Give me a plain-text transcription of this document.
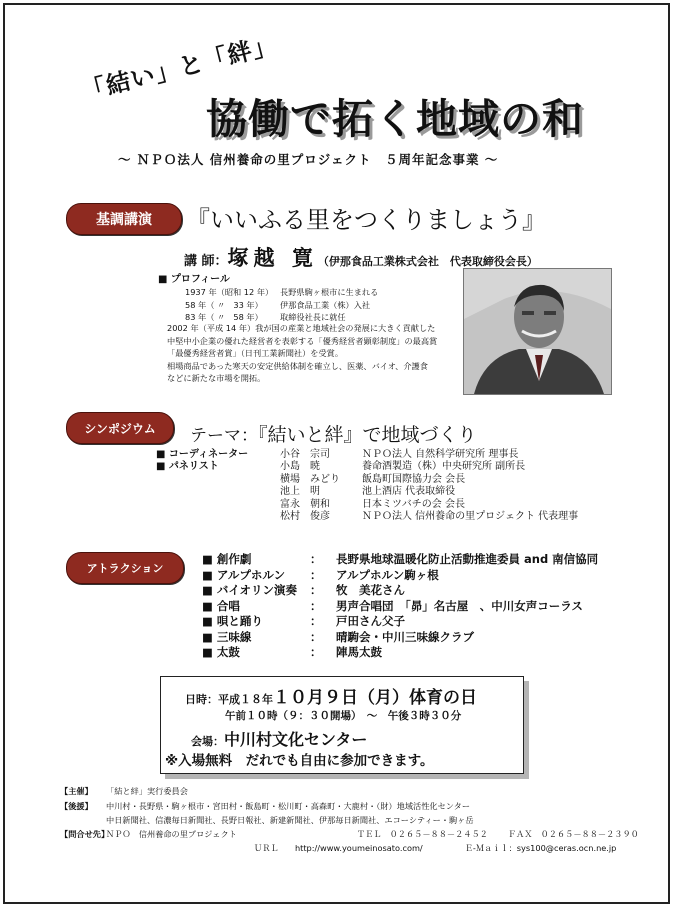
「結い」と「絆」
協働で拓く地域の和
～ ＮＰＯ法人 信州養命の里プロジェクト　５周年記念事業 ～
基調講演	『いいふる里をつくりましょう』
講 師：塚越 寛（伊那食品工業株式会社　代表取締役会長）
■ プロフィール
1937 年（昭和 12 年） 長野県駒ヶ根市に生まれる
58 年（ 〃　33 年）	伊那食品工業（株）入社
83 年（ 〃　58 年）	取締役社長に就任
2002 年（平成 14 年）我が国の産業と地域社会の発展に大きく貢献した
中堅中小企業の優れた経営者を表彰する「優秀経営者顕彰制度」の最高賞
「最優秀経営者賞」（日刊工業新聞社）を受賞。
相場商品であった寒天の安定供給体制を確立し、医薬、バイオ、介護食
などに新たな市場を開拓。
シンポジウム	テーマ：『結いと絆』で地域づくり
■ コーディネーター	小谷　宗司	ＮＰＯ法人 自然科学研究所 理事長
■ パネリスト	小島　暁	養命酒製造（株）中央研究所 副所長
横場　みどり	飯島町国際協力会 会長
池上　明	池上酒店 代表取締役
富永　朝和	日本ミツバチの会 会長
松村　俊彦	ＮＰＯ法人 信州養命の里プロジェクト 代表理事
アトラクション
■ 創作劇	：	長野県地球温暖化防止活動推進委員 and 南信協同
■ アルプホルン	：	アルプホルン駒ヶ根
■ バイオリン演奏	：	牧　美花さん
■ 合唱	：	男声合唱団　「昴」名古屋　、中川女声コーラス
■ 唄と踊り	：	戸田さん父子
■ 三味線	：	晴駒会・中川三味線クラブ
■ 太鼓	：	陣馬太鼓
日時：平成１８年１０月９日（月）体育の日
午前１０時（９：３０開場）　～　午後３時３０分
会場：中川村文化センター
※入場無料　だれでも自由に参加できます。
【主催】 「結と絆」実行委員会
【後援】 中川村・長野県・駒ヶ根市・宮田村・飯島町・松川町・高森町・大鹿村・（財）地域活性化センター
中日新聞社、信濃毎日新聞社、長野日報社、新建新聞社、伊那毎日新聞社、エコーシティー・駒ヶ岳
【問合せ先】ＮＰＯ　信州養命の里プロジェクト	ＴＥＬ　０２６５－８８－２４５２ ＦＡＸ　０２６５－８８－２３９０
ＵＲＬ　　http://www.youmeinosato.com/	Ｅ-Ｍａｉｌ：sys100@ceras.ocn.ne.jp
